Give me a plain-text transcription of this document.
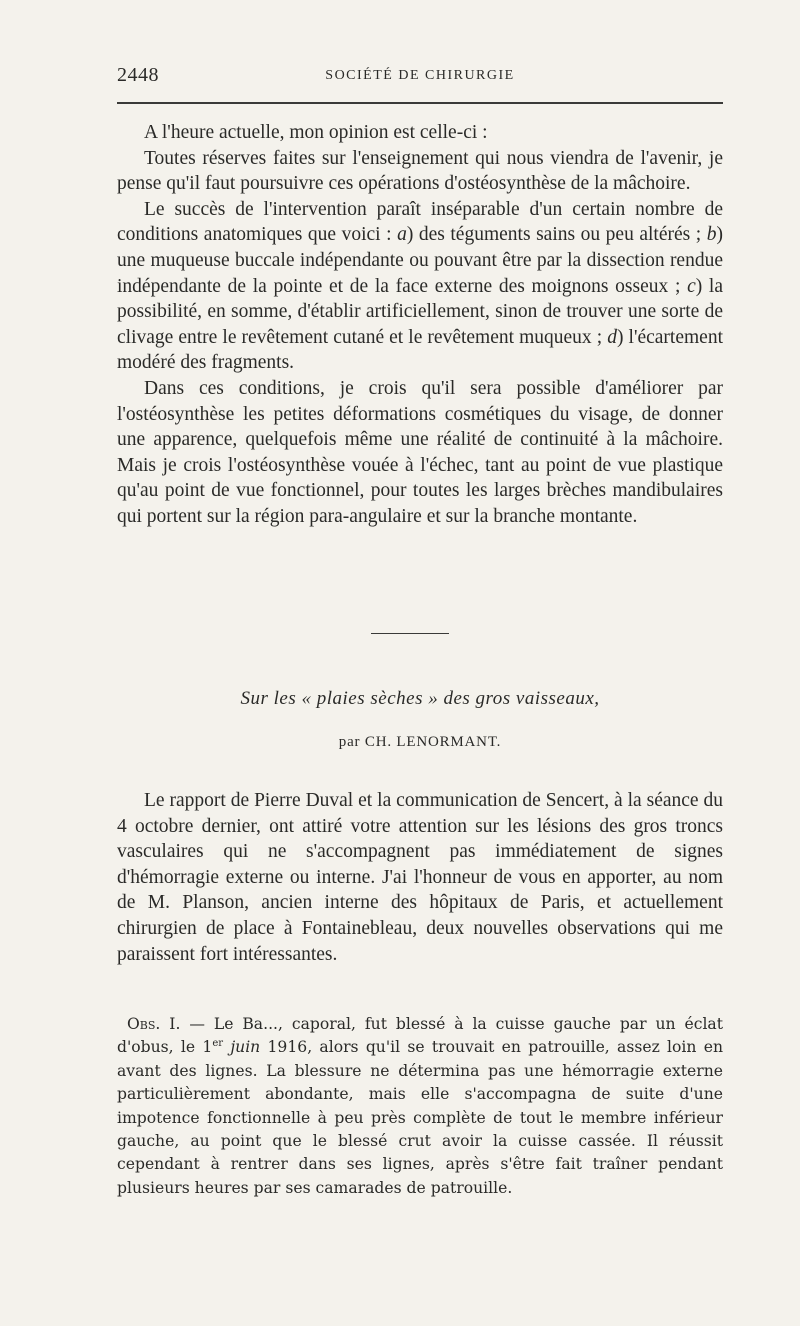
2448	SOCIÉTÉ DE CHIRURGIE

A l'heure actuelle, mon opinion est celle-ci :

Toutes réserves faites sur l'enseignement qui nous viendra de l'avenir, je pense qu'il faut poursuivre ces opérations d'ostéosynthèse de la mâchoire.

Le succès de l'intervention paraît inséparable d'un certain nombre de conditions anatomiques que voici : a) des téguments sains ou peu altérés ; b) une muqueuse buccale indépendante ou pouvant être par la dissection rendue indépendante de la pointe et de la face externe des moignons osseux ; c) la possibilité, en somme, d'établir artificiellement, sinon de trouver une sorte de clivage entre le revêtement cutané et le revêtement muqueux ; d) l'écartement modéré des fragments.

Dans ces conditions, je crois qu'il sera possible d'améliorer par l'ostéosynthèse les petites déformations cosmétiques du visage, de donner une apparence, quelquefois même une réalité de continuité à la mâchoire. Mais je crois l'ostéosynthèse vouée à l'échec, tant au point de vue plastique qu'au point de vue fonctionnel, pour toutes les larges brèches mandibulaires qui portent sur la région para-angulaire et sur la branche montante.

Sur les « plaies sèches » des gros vaisseaux,
par CH. LENORMANT.

Le rapport de Pierre Duval et la communication de Sencert, à la séance du 4 octobre dernier, ont attiré votre attention sur les lésions des gros troncs vasculaires qui ne s'accompagnent pas immédiatement de signes d'hémorragie externe ou interne. J'ai l'honneur de vous en apporter, au nom de M. Planson, ancien interne des hôpitaux de Paris, et actuellement chirurgien de place à Fontainebleau, deux nouvelles observations qui me paraissent fort intéressantes.

Obs. I. — Le Ba..., caporal, fut blessé à la cuisse gauche par un éclat d'obus, le 1er juin 1916, alors qu'il se trouvait en patrouille, assez loin en avant des lignes. La blessure ne détermina pas une hémorragie externe particulièrement abondante, mais elle s'accompagna de suite d'une impotence fonctionnelle à peu près complète de tout le membre inférieur gauche, au point que le blessé crut avoir la cuisse cassée. Il réussit cependant à rentrer dans ses lignes, après s'être fait traîner pendant plusieurs heures par ses camarades de patrouille.
